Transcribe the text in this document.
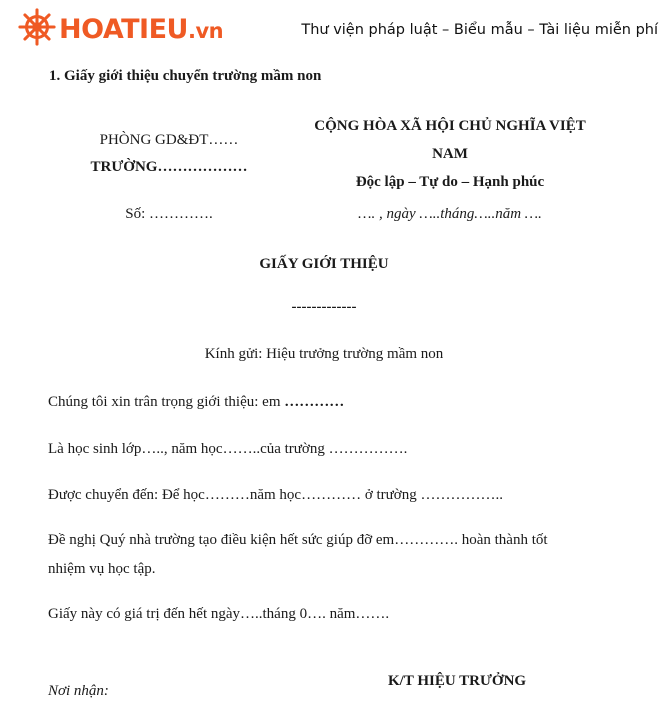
HOATIEU.vn	Thư viện pháp luật – Biểu mẫu – Tài liệu miễn phí
1. Giấy giới thiệu chuyển trường mầm non
PHÒNG GD&ĐT……
TRƯỜNG………………
Số: ………….
CỘNG HÒA XÃ HỘI CHỦ NGHĨA VIỆT
NAM
Độc lập – Tự do – Hạnh phúc
…. , ngày …..tháng…..năm ….
GIẤY GIỚI THIỆU
-------------
Kính gửi: Hiệu trưởng trường mầm non
Chúng tôi xin trân trọng giới thiệu: em …………
Là học sinh lớp….., năm học……..của trường …………….
Được chuyển đến: Để học………năm học………… ở trường ……………..
Đề nghị Quý nhà trường tạo điều kiện hết sức giúp đỡ em…………. hoàn thành tốt
nhiệm vụ học tập.
Giấy này có giá trị đến hết ngày…..tháng 0…. năm…….
Nơi nhận:
K/T HIỆU TRƯỞNG
